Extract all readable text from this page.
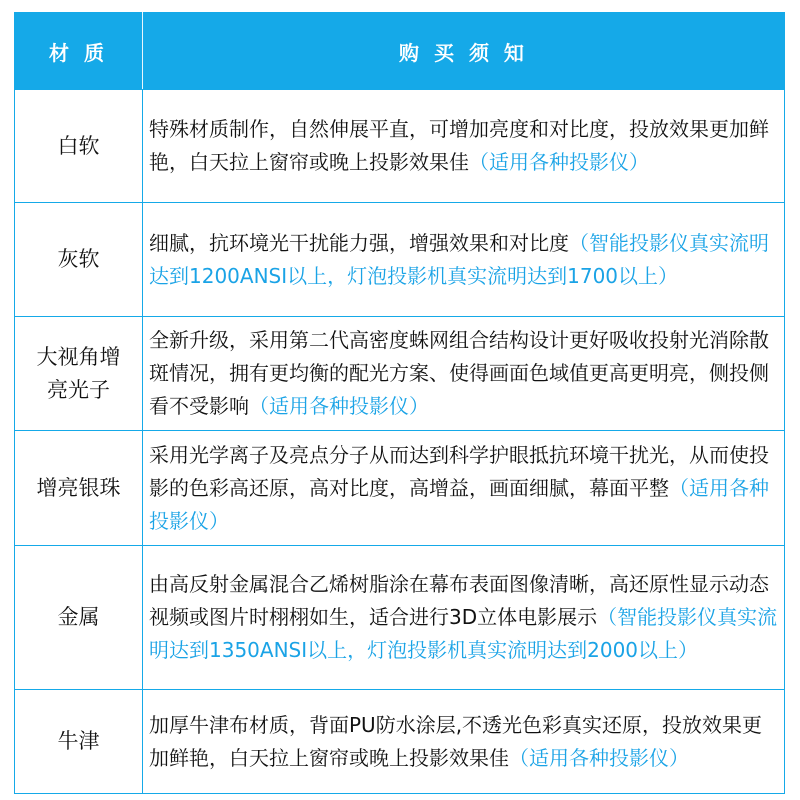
材 质	购 买 须 知
白软	特殊材质制作，自然伸展平直，可增加亮度和对比度，投放效果更加鲜艳，白天拉上窗帘或晚上投影效果佳（适用各种投影仪）
灰软	细腻，抗环境光干扰能力强，增强效果和对比度（智能投影仪真实流明达到1200ANSI以上，灯泡投影机真实流明达到1700以上）
大视角增亮光子	全新升级，采用第二代高密度蛛网组合结构设计更好吸收投射光消除散斑情况，拥有更均衡的配光方案、使得画面色域值更高更明亮，侧投侧看不受影响（适用各种投影仪）
增亮银珠	采用光学离子及亮点分子从而达到科学护眼抵抗环境干扰光，从而使投影的色彩高还原，高对比度，高增益，画面细腻，幕面平整（适用各种投影仪）
金属	由高反射金属混合乙烯树脂涂在幕布表面图像清晰，高还原性显示动态视频或图片时栩栩如生，适合进行3D立体电影展示（智能投影仪真实流明达到1350ANSI以上，灯泡投影机真实流明达到2000以上）
牛津	加厚牛津布材质，背面PU防水涂层,不透光色彩真实还原，投放效果更加鲜艳，白天拉上窗帘或晚上投影效果佳（适用各种投影仪）
